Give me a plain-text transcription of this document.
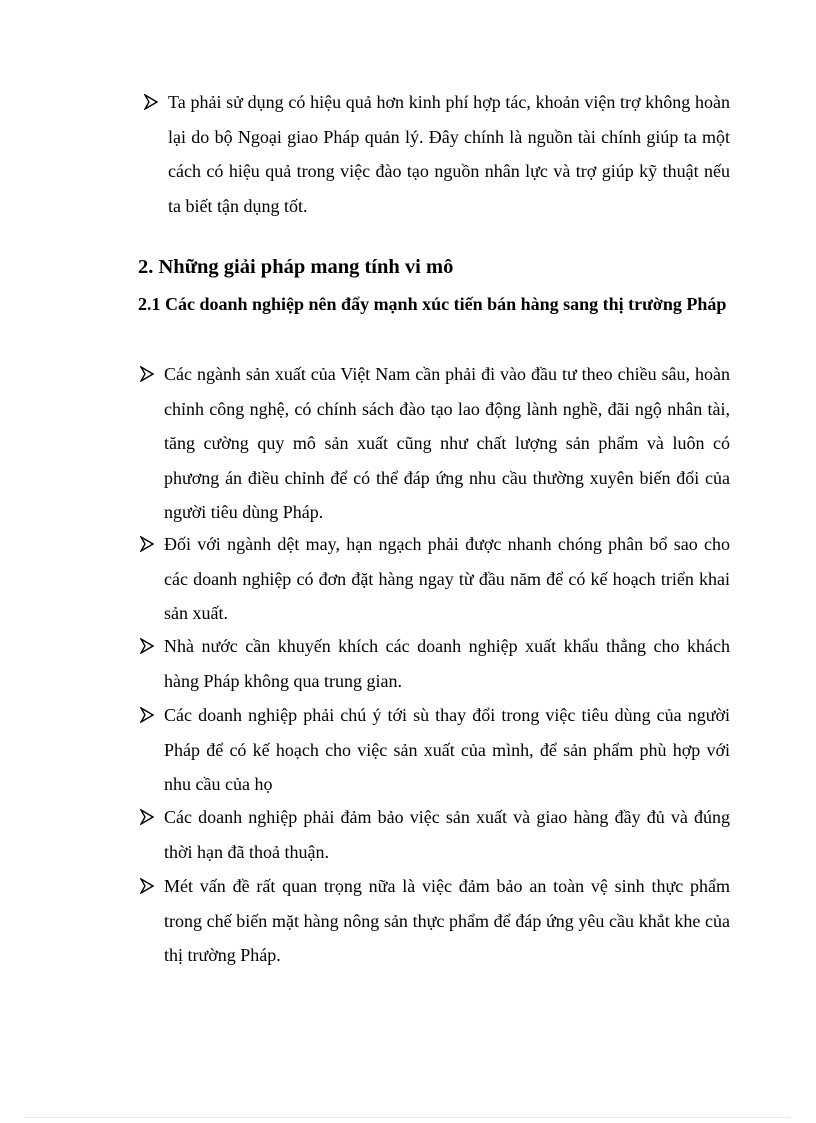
Ta phải sử dụng có hiệu quả hơn kinh phí hợp tác, khoản viện trợ không hoàn lại do bộ Ngoại giao Pháp quản lý. Đây chính là nguồn tài chính giúp ta một cách có hiệu quả trong việc đào tạo nguồn nhân lực và trợ giúp kỹ thuật nếu ta biết tận dụng tốt.
2. Những giải pháp mang tính vi mô
2.1 Các doanh nghiệp nên đẩy mạnh xúc tiến bán hàng sang thị trường Pháp
Các ngành sản xuất của Việt Nam cần phải đi vào đầu tư theo chiều sâu, hoàn chỉnh công nghệ, có chính sách đào tạo lao động lành nghề, đãi ngộ nhân tài, tăng cường quy mô sản xuất cũng như chất lượng sản phẩm và luôn có phương án điều chỉnh để có thể đáp ứng nhu cầu thường xuyên biến đổi của người tiêu dùng Pháp.
Đối với ngành dệt may, hạn ngạch phải được nhanh chóng phân bổ sao cho các doanh nghiệp có đơn đặt hàng ngay từ đầu năm để có kế hoạch triển khai sản xuất.
Nhà nước cần khuyến khích các doanh nghiệp xuất khẩu thẳng cho khách hàng Pháp không qua trung gian.
Các doanh nghiệp phải chú ý tới sù thay đổi trong việc tiêu dùng của người Pháp để có kế hoạch cho việc sản xuất của mình, để sản phẩm phù hợp với nhu cầu của họ
Các doanh nghiệp phải đảm bảo việc sản xuất và giao hàng đầy đủ và đúng thời hạn đã thoả thuận.
Mét vấn đề rất quan trọng nữa là việc đảm bảo an toàn vệ sinh thực phẩm trong chế biến mặt hàng nông sản thực phẩm để đáp ứng yêu cầu khắt khe của thị trường Pháp.
